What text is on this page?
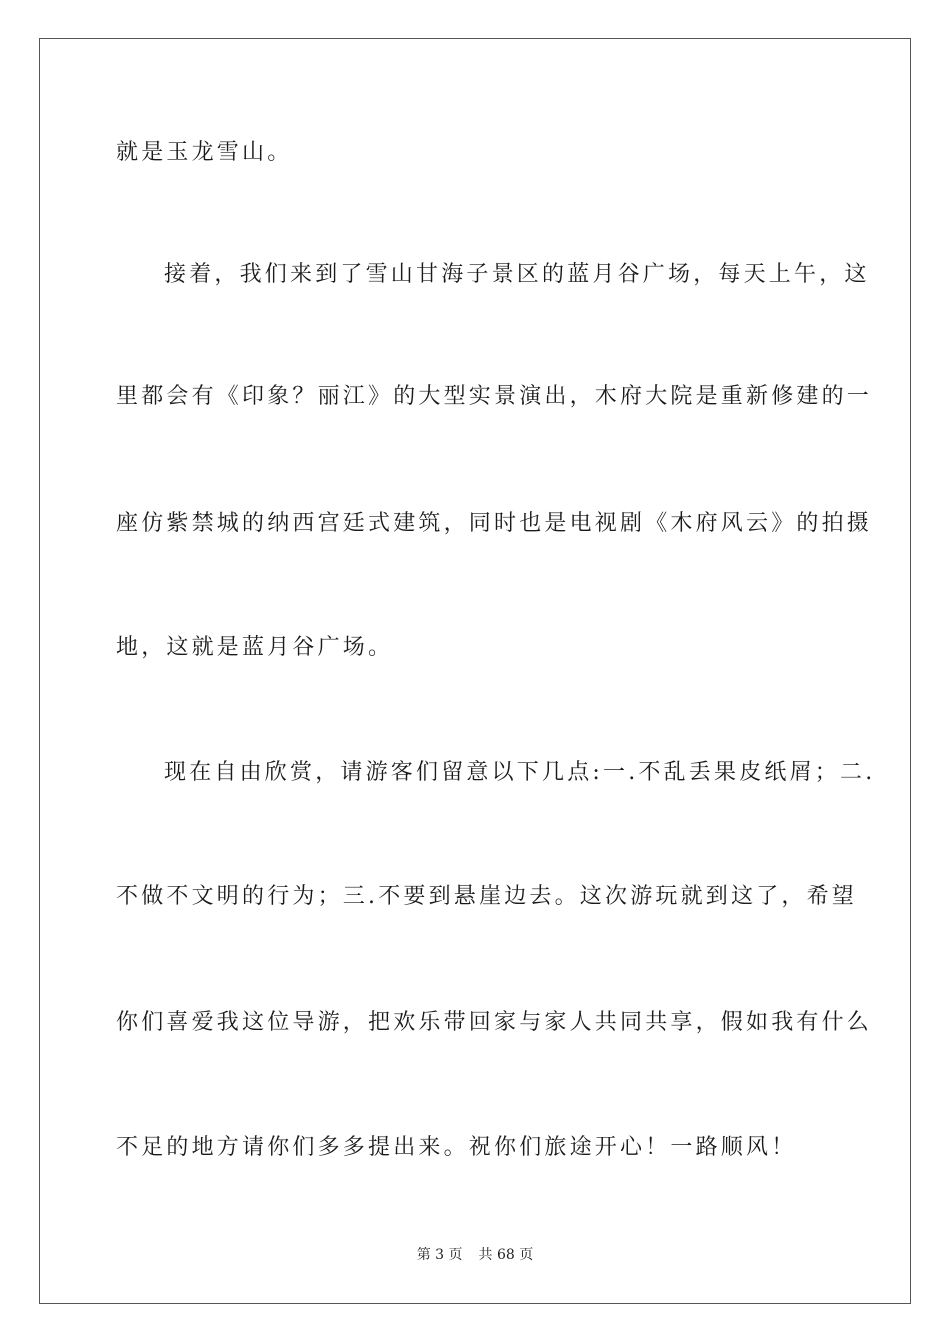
就是玉龙雪山。
接着，我们来到了雪山甘海子景区的蓝月谷广场，每天上午，这
里都会有《印象？丽江》的大型实景演出，木府大院是重新修建的一
座仿紫禁城的纳西宫廷式建筑，同时也是电视剧《木府风云》的拍摄
地，这就是蓝月谷广场。
现在自由欣赏，请游客们留意以下几点:一.不乱丢果皮纸屑；二.
不做不文明的行为；三.不要到悬崖边去。这次游玩就到这了，希望
你们喜爱我这位导游，把欢乐带回家与家人共同共享，假如我有什么
不足的地方请你们多多提出来。祝你们旅途开心！一路顺风！
第 3 页 共 68 页
